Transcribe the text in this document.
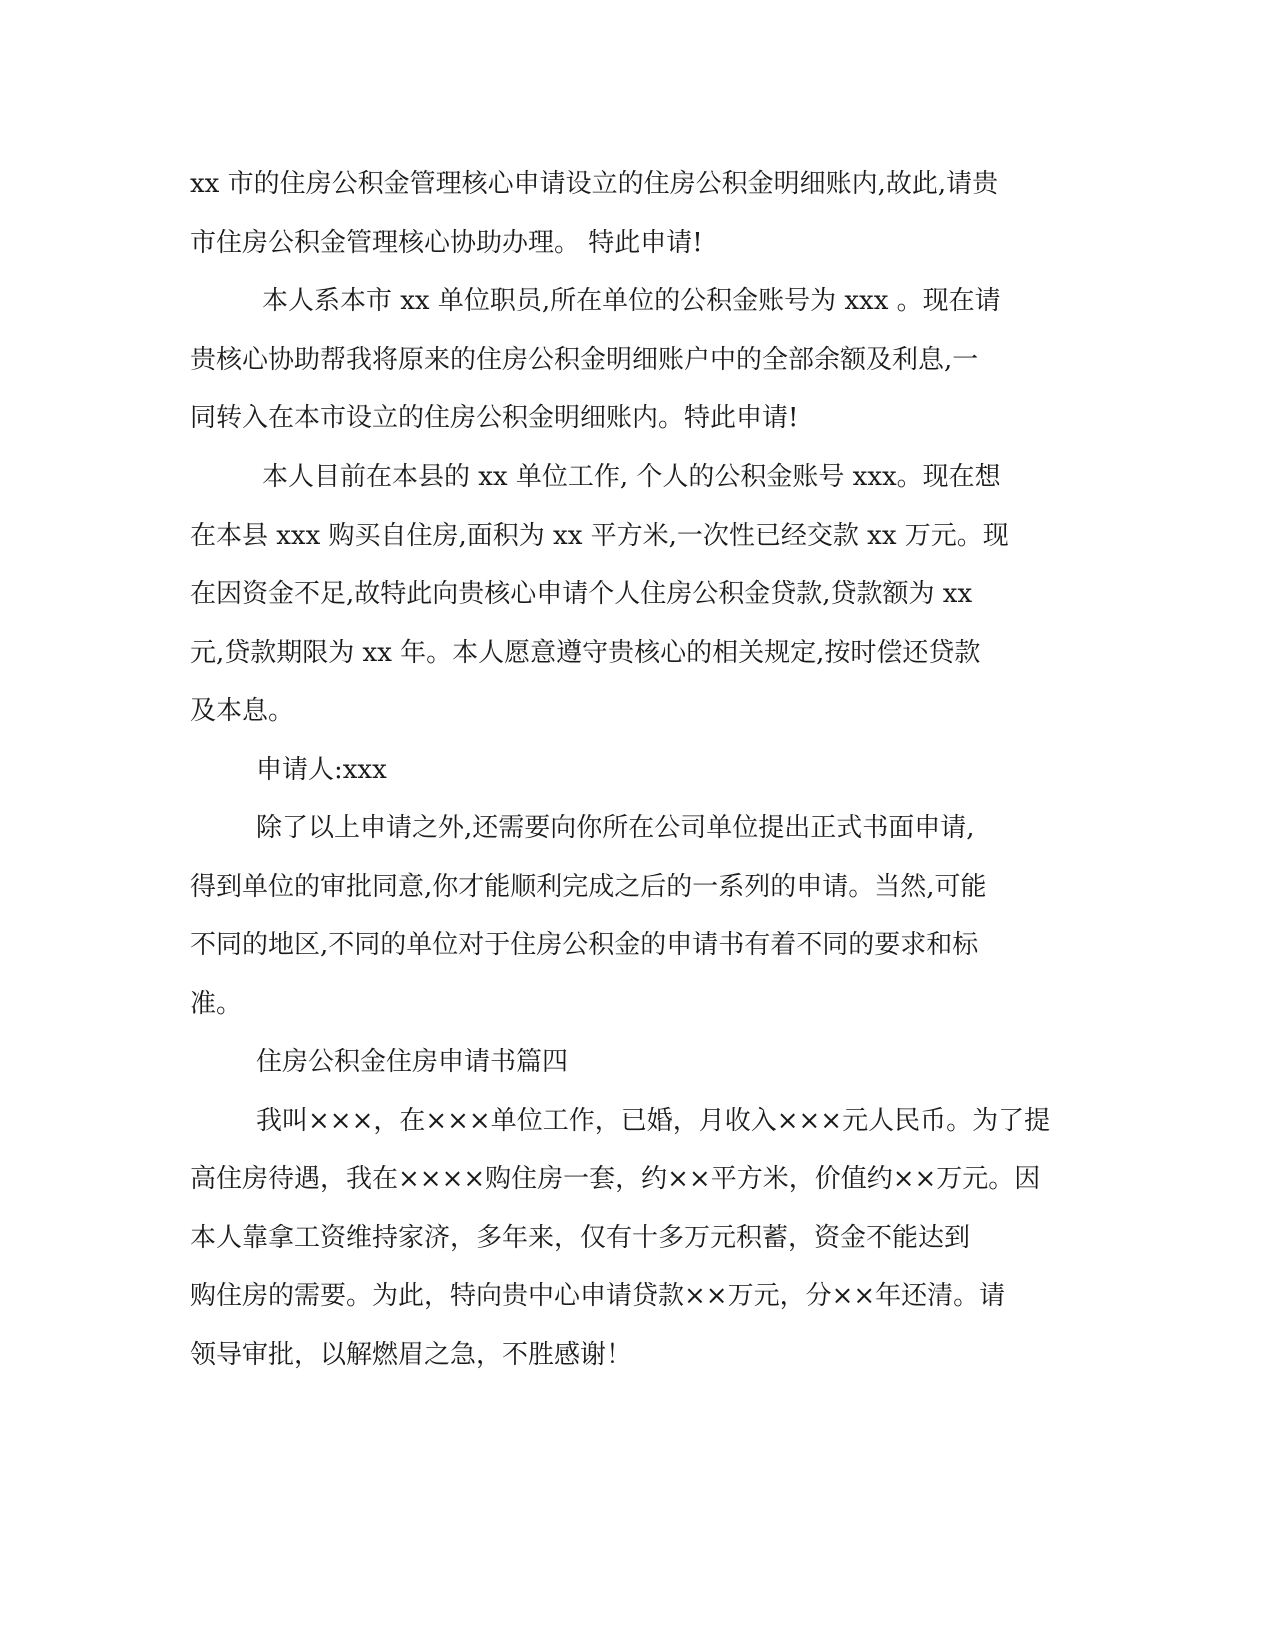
xx 市的住房公积金管理核心申请设立的住房公积金明细账内,故此,请贵
市住房公积金管理核心协助办理。 特此申请!
本人系本市 xx 单位职员,所在单位的公积金账号为 xxx 。现在请
贵核心协助帮我将原来的住房公积金明细账户中的全部余额及利息,一
同转入在本市设立的住房公积金明细账内。特此申请!
本人目前在本县的 xx 单位工作, 个人的公积金账号 xxx。现在想
在本县 xxx 购买自住房,面积为 xx 平方米,一次性已经交款 xx 万元。现
在因资金不足,故特此向贵核心申请个人住房公积金贷款,贷款额为 xx
元,贷款期限为 xx 年。本人愿意遵守贵核心的相关规定,按时偿还贷款
及本息。
申请人:xxx
除了以上申请之外,还需要向你所在公司单位提出正式书面申请,
得到单位的审批同意,你才能顺利完成之后的一系列的申请。当然,可能
不同的地区,不同的单位对于住房公积金的申请书有着不同的要求和标
准。
住房公积金住房申请书篇四
我叫×××，在×××单位工作，已婚，月收入×××元人民币。为了提
高住房待遇，我在××××购住房一套，约××平方米，价值约××万元。因
本人靠拿工资维持家济，多年来，仅有十多万元积蓄，资金不能达到
购住房的需要。为此，特向贵中心申请贷款××万元，分××年还清。请
领导审批，以解燃眉之急，不胜感谢！
